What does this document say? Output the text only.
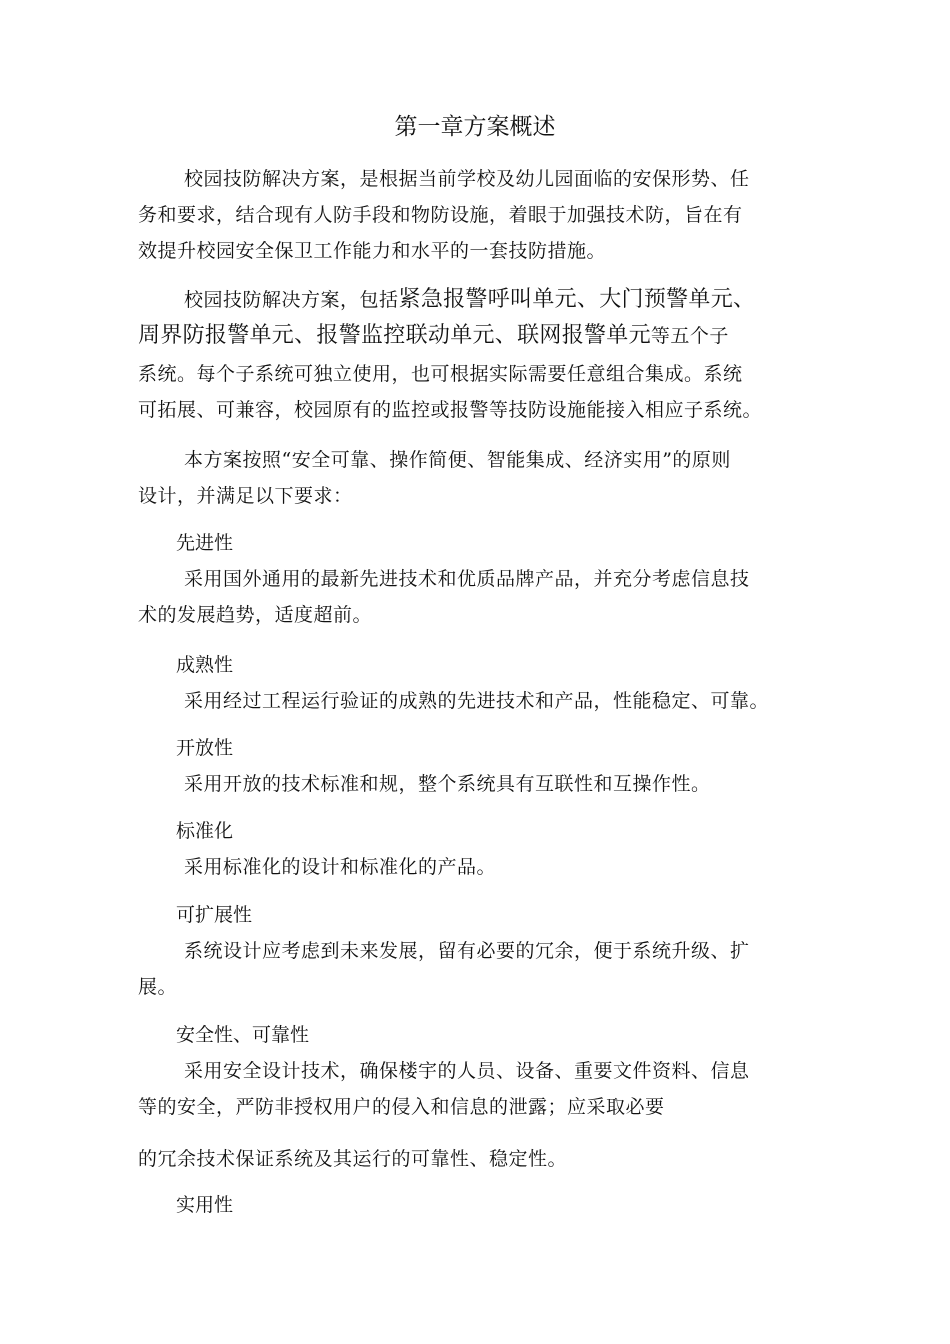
第一章方案概述
校园技防解决方案，是根据当前学校及幼儿园面临的安保形势、任
务和要求，结合现有人防手段和物防设施，着眼于加强技术防，旨在有
效提升校园安全保卫工作能力和水平的一套技防措施。
校园技防解决方案，包括紧急报警呼叫单元、大门预警单元、
周界防报警单元、报警监控联动单元、联网报警单元等五个子
系统。每个子系统可独立使用，也可根据实际需要任意组合集成。系统
可拓展、可兼容，校园原有的监控或报警等技防设施能接入相应子系统。
本方案按照“安全可靠、操作简便、智能集成、经济实用”的原则
设计，并满足以下要求：
先进性
采用国外通用的最新先进技术和优质品牌产品，并充分考虑信息技
术的发展趋势，适度超前。
成熟性
采用经过工程运行验证的成熟的先进技术和产品，性能稳定、可靠。
开放性
采用开放的技术标准和规，整个系统具有互联性和互操作性。
标准化
采用标准化的设计和标准化的产品。
可扩展性
系统设计应考虑到未来发展，留有必要的冗余，便于系统升级、扩
展。
安全性、可靠性
采用安全设计技术，确保楼宇的人员、设备、重要文件资料、信息
等的安全，严防非授权用户的侵入和信息的泄露；应采取必要
的冗余技术保证系统及其运行的可靠性、稳定性。
实用性
